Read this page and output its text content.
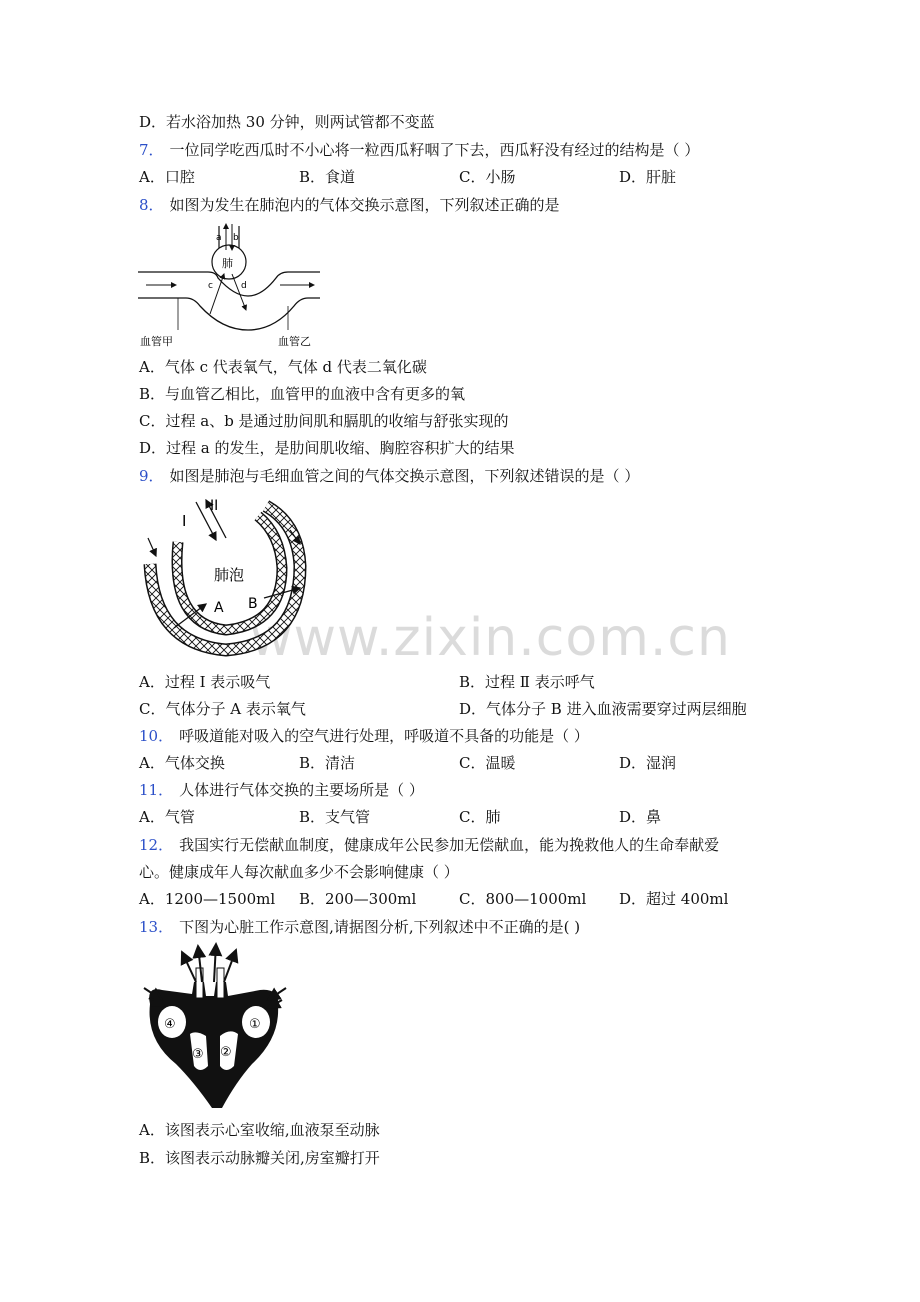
www.zixin.com.cn
D．若水浴加热 30 分钟，则两试管都不变蓝
7． 一位同学吃西瓜时不小心将一粒西瓜籽咽了下去，西瓜籽没有经过的结构是（ ）
A．口腔	B．食道	C．小肠	D．肝脏
8． 如图为发生在肺泡内的气体交换示意图，下列叙述正确的是
肺
a b
c	d
血管甲	血管乙
A．气体 c 代表氧气，气体 d 代表二氧化碳
B．与血管乙相比，血管甲的血液中含有更多的氧
C．过程 a、b 是通过肋间肌和膈肌的收缩与舒张实现的
D．过程 a 的发生，是肋间肌收缩、胸腔容积扩大的结果
9． 如图是肺泡与毛细血管之间的气体交换示意图，下列叙述错误的是（ ）
I
II
肺泡
A B
A．过程 I 表示吸气	B．过程 Ⅱ 表示呼气
C．气体分子 A 表示氧气	D．气体分子 B 进入血液需要穿过两层细胞
10． 呼吸道能对吸入的空气进行处理，呼吸道不具备的功能是（ ）
A．气体交换	B．清洁	C．温暖	D．湿润
11． 人体进行气体交换的主要场所是（ ）
A．气管	B．支气管	C．肺	D．鼻
12． 我国实行无偿献血制度，健康成年公民参加无偿献血，能为挽救他人的生命奉献爱
心。健康成年人每次献血多少不会影响健康（ ）
A．1200—1500ml B．200—300ml	C．800—1000ml D．超过 400ml
13． 下图为心脏工作示意图,请据图分析,下列叙述中不正确的是( )
④	①
③ ②
A．该图表示心室收缩,血液泵至动脉
B．该图表示动脉瓣关闭,房室瓣打开
